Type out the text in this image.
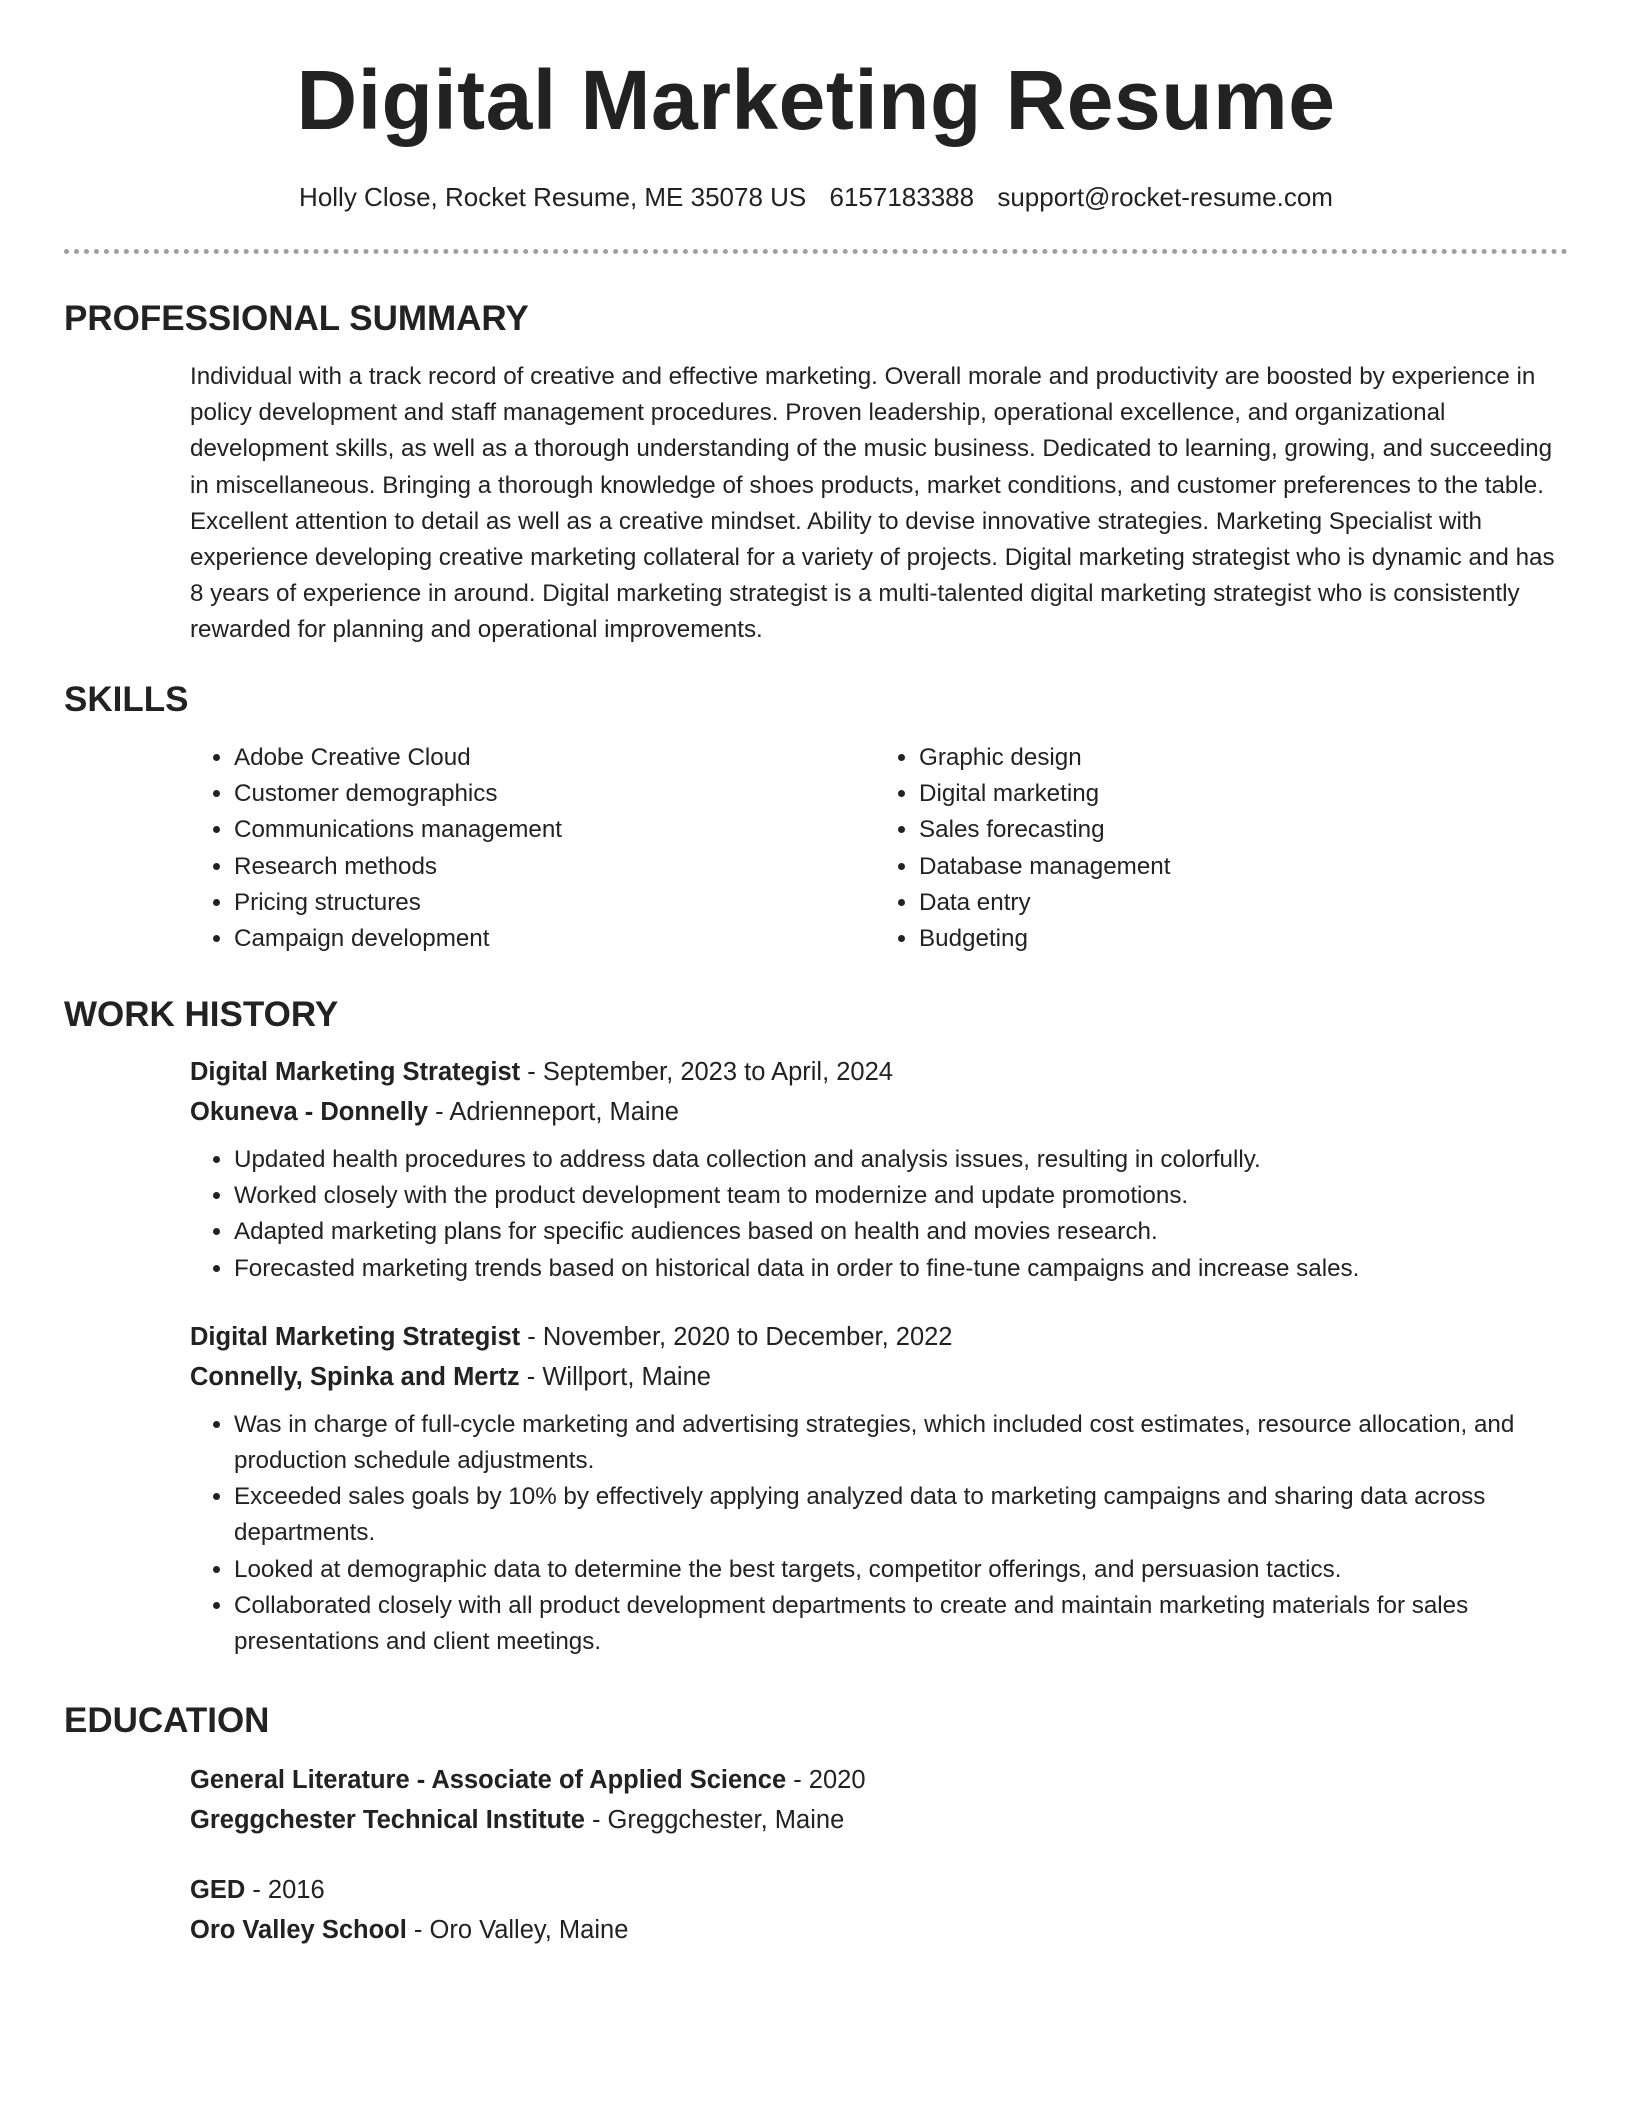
Digital Marketing Resume
Holly Close, Rocket Resume, ME 35078 US 6157183388 support@rocket-resume.com
PROFESSIONAL SUMMARY

Individual with a track record of creative and effective marketing. Overall morale and productivity are boosted by experience in policy development and staff management procedures. Proven leadership, operational excellence, and organizational development skills, as well as a thorough understanding of the music business. Dedicated to learning, growing, and succeeding in miscellaneous. Bringing a thorough knowledge of shoes products, market conditions, and customer preferences to the table. Excellent attention to detail as well as a creative mindset. Ability to devise innovative strategies. Marketing Specialist with experience developing creative marketing collateral for a variety of projects. Digital marketing strategist who is dynamic and has 8 years of experience in around. Digital marketing strategist is a multi-talented digital marketing strategist who is consistently rewarded for planning and operational improvements.

SKILLS
• Adobe Creative Cloud
• Customer demographics
• Communications management
• Research methods
• Pricing structures
• Campaign development
• Graphic design
• Digital marketing
• Sales forecasting
• Database management
• Data entry
• Budgeting
WORK HISTORY

Digital Marketing Strategist - September, 2023 to April, 2024

Okuneva - Donnelly - Adrienneport, Maine

• Updated health procedures to address data collection and analysis issues, resulting in colorfully.
• Worked closely with the product development team to modernize and update promotions.
• Adapted marketing plans for specific audiences based on health and movies research.
• Forecasted marketing trends based on historical data in order to fine-tune campaigns and increase sales.

Digital Marketing Strategist - November, 2020 to December, 2022

Connelly, Spinka and Mertz - Willport, Maine

• Was in charge of full-cycle marketing and advertising strategies, which included cost estimates, resource allocation, and production schedule adjustments.
• Exceeded sales goals by 10% by effectively applying analyzed data to marketing campaigns and sharing data across departments.
• Looked at demographic data to determine the best targets, competitor offerings, and persuasion tactics.
• Collaborated closely with all product development departments to create and maintain marketing materials for sales presentations and client meetings.
EDUCATION

General Literature - Associate of Applied Science - 2020

Greggchester Technical Institute - Greggchester, Maine

GED - 2016

Oro Valley School - Oro Valley, Maine
